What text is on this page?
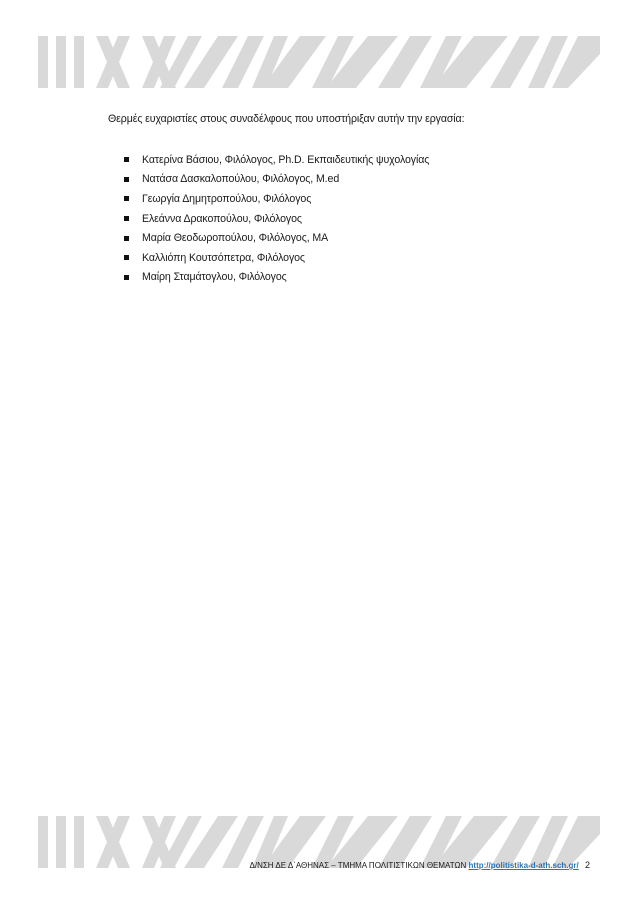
Θερμές ευχαριστίες στους συναδέλφους που υποστήριξαν αυτήν την εργασία:
Κατερίνα Βάσιου, Φιλόλογος, Ph.D. Εκπαιδευτικής ψυχολογίας
Νατάσα Δασκαλοπούλου, Φιλόλογος, M.ed
Γεωργία Δημητροπούλου, Φιλόλογος
Ελεάννα Δρακοπούλου, Φιλόλογος
Μαρία Θεοδωροπούλου, Φιλόλογος, MA
Καλλιόπη Κουτσόπετρα, Φιλόλογος
Μαίρη Σταμάτογλου, Φιλόλογος
Δ/ΝΣΗ ΔΕ Δ΄ΑΘΗΝΑΣ – ΤΜΗΜΑ ΠΟΛΙΤΙΣΤΙΚΩΝ ΘΕΜΑΤΩΝ http://politistika-d-ath.sch.gr/ 2
